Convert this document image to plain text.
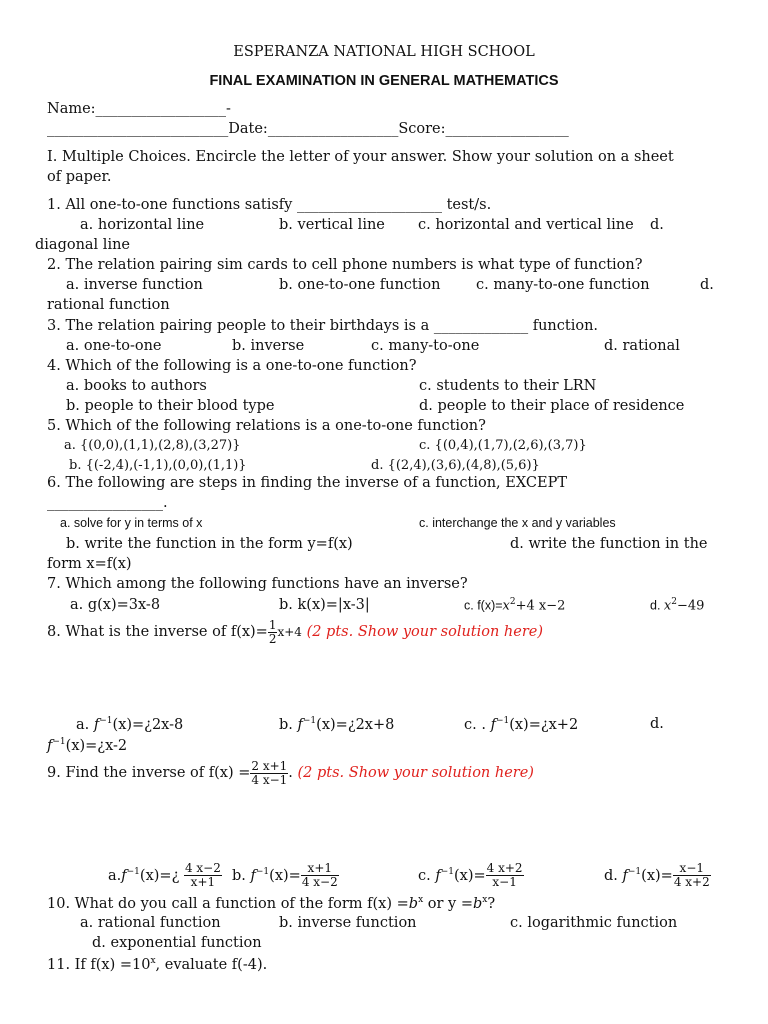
ESPERANZA NATIONAL HIGH SCHOOL
FINAL EXAMINATION IN GENERAL MATHEMATICS
Name:__________________-
_________________________Date:__________________Score:_________________
I. Multiple Choices. Encircle the letter of your answer. Show your solution on a sheet
of paper.
1. All one-to-one functions satisfy ____________________ test/s.
a. horizontal line	b. vertical line c. horizontal and vertical line d.
diagonal line
2. The relation pairing sim cards to cell phone numbers is what type of function?
a. inverse function	b. one-to-one function c. many-to-one function	d.
rational function
3. The relation pairing people to their birthdays is a _____________ function.
a. one-to-one	b. inverse	c. many-to-one	d. rational
4. Which of the following is a one-to-one function?
a. books to authors	c. students to their LRN
b. people to their blood type	d. people to their place of residence
5. Which of the following relations is a one-to-one function?
a. {(0,0),(1,1),(2,8),(3,27)}	c. {(0,4),(1,7),(2,6),(3,7)}
b. {(-2,4),(-1,1),(0,0),(1,1)}	d. {(2,4),(3,6),(4,8),(5,6)}
6. The following are steps in finding the inverse of a function, EXCEPT
________________.
a. solve for y in terms of x	c. interchange the x and y variables
b. write the function in the form y=f(x)	d. write the function in the
form x=f(x)
7. Which among the following functions have an inverse?
a. g(x)=3x-8	b. k(x)=|x-3|	c. $f(x)=x^2+4$ x−2	d. $x^2-49$
8. What is the inverse of $f(x)= \frac{1}{2} x+4$ (2 pts. Show your solution here)
a. $f^{-1}(x)=¿2x-8$	b. $f^{-1}(x)=¿2x+8$	c. . $f^{-1}(x)=¿x+2$	d.
$f^{-1}(x)=¿x-2$
9. Find the inverse of $f(x) = \frac{2 x+1}{4 x-1}$ . (2 pts. Show your solution here)
$a.f^{-1}(x)=¿ \frac{4 x-2}{x+1} b$. $f^{-1}(x)= \frac{x+1}{4 x-2}$	c. $f^{-1}(x)= \frac{4 x+2}{x-1}$	d. $f^{-1}(x)= \frac{x-1}{4 x+2}$
10. What do you call a function of the form $f(x) =b^x$ or $y =b^x$?
a. rational function	b. inverse function	c. logarithmic function
d. exponential function
11. If $f(x) =10^x$, evaluate f(-4).
